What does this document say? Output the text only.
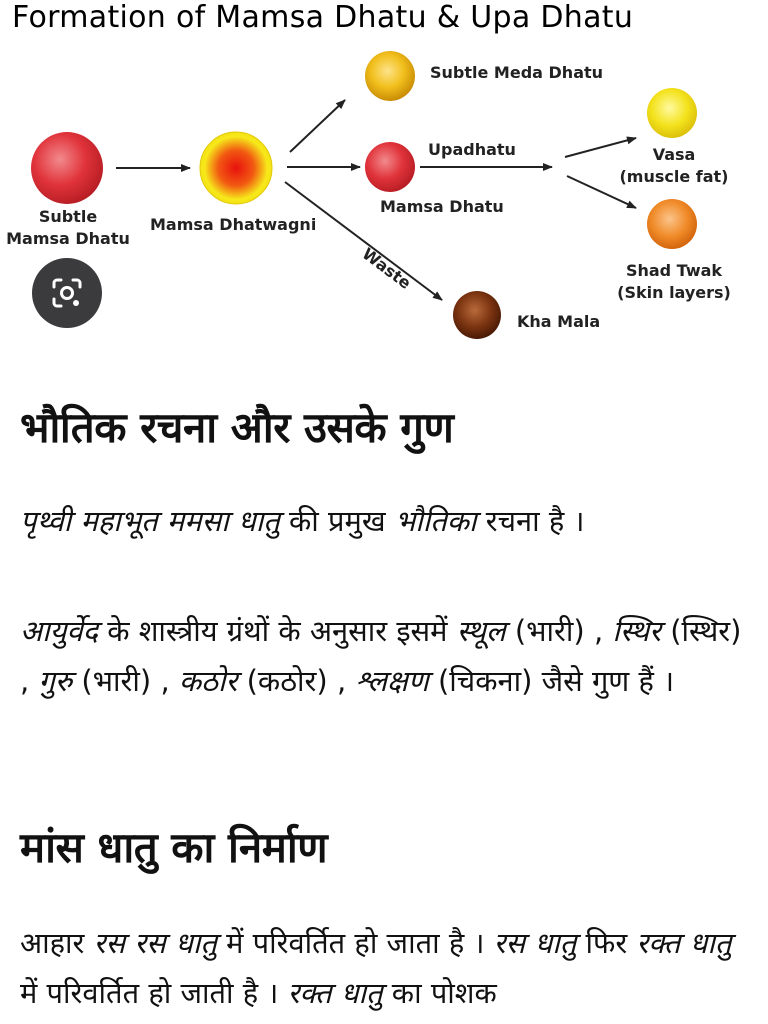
Formation of Mamsa Dhatu & Upa Dhatu
Subtle
Mamsa Dhatu
Mamsa Dhatwagni
Subtle Meda Dhatu
Mamsa Dhatu
Kha Mala
Vasa
(muscle fat)
Shad Twak
(Skin layers)
Upadhatu
Waste
भौतिक रचना और उसके गुण

पृथ्वी महाभूत ममसा धातु की प्रमुख भौतिका रचना है ।

आयुर्वेद के शास्त्रीय ग्रंथों के अनुसार इसमें स्थूल (भारी) , स्थिर (स्थिर) , गुरु (भारी) , कठोर (कठोर) , श्लक्षण (चिकना) जैसे गुण हैं ।

मांस धातु का निर्माण

आहार रस रस धातु में परिवर्तित हो जाता है । रस धातु फिर रक्त धातु में परिवर्तित हो जाती है । रक्त धातु का पोशक
